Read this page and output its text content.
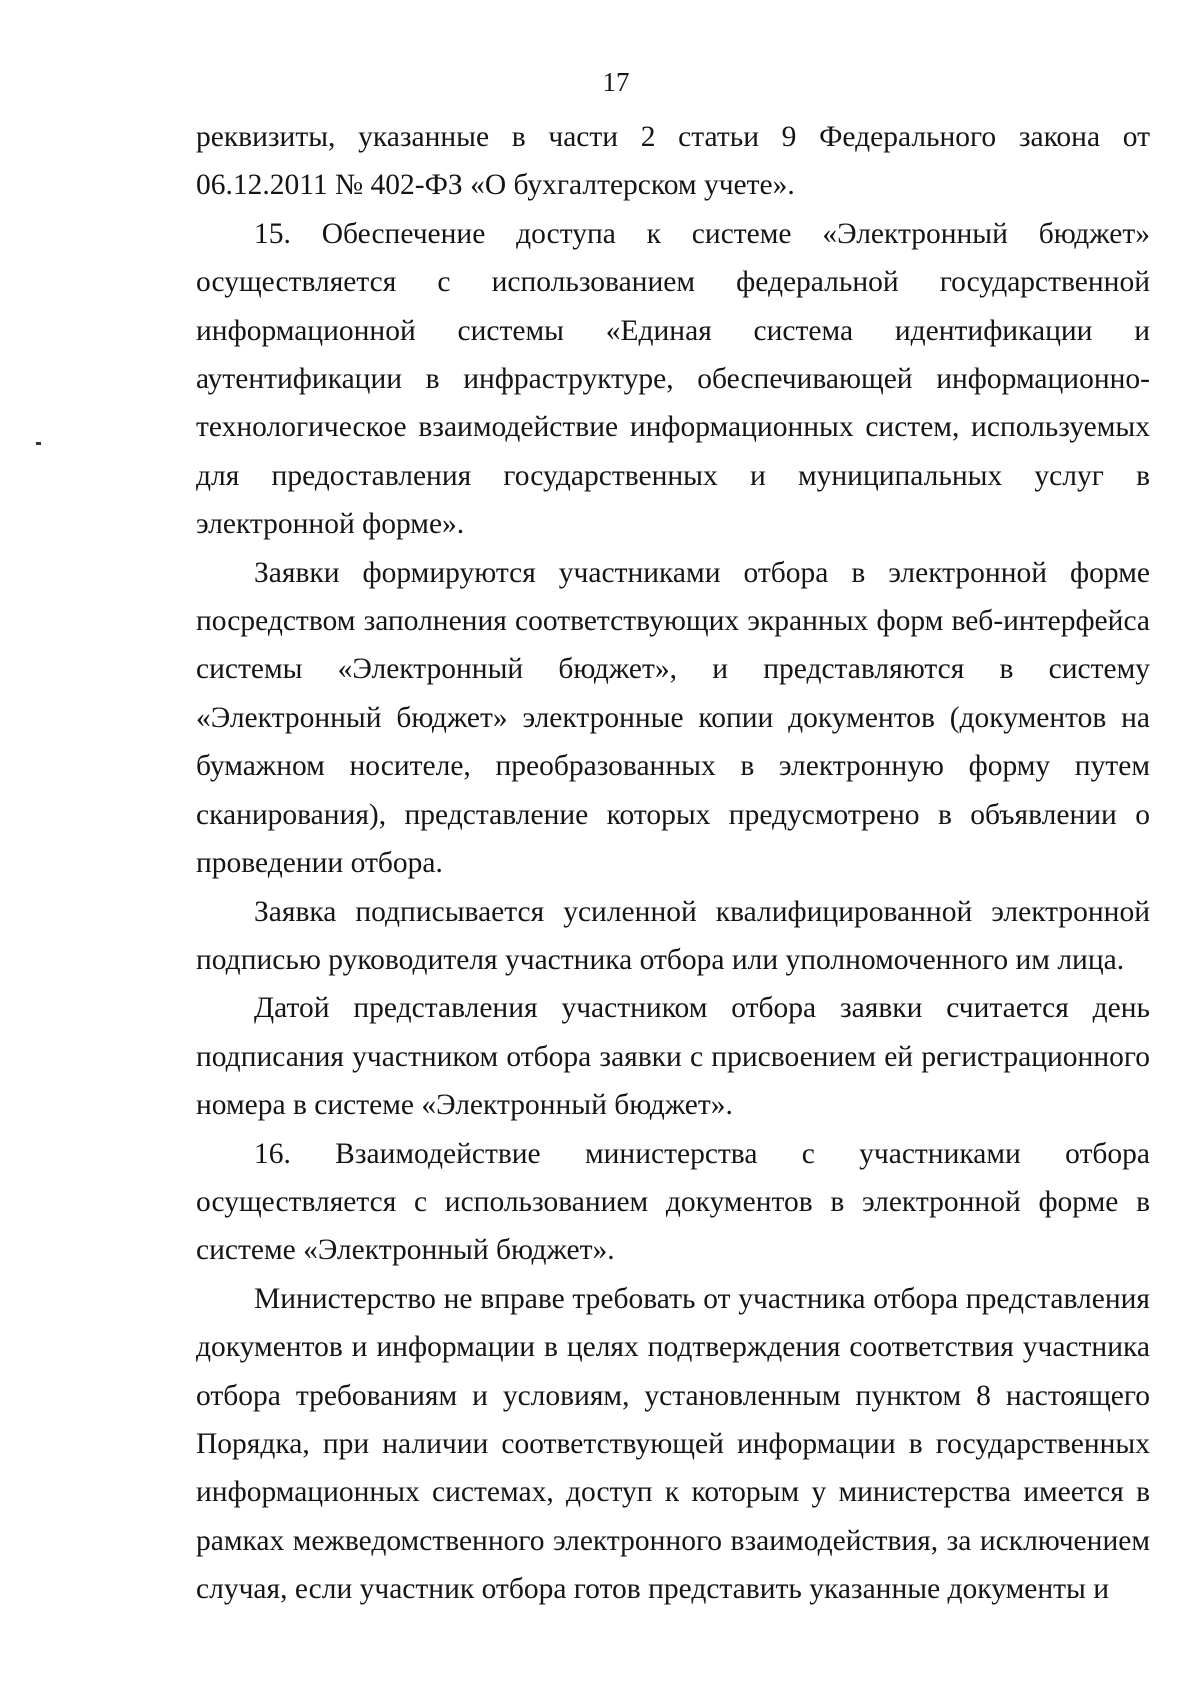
17

реквизиты, указанные в части 2 статьи 9 Федерального закона от 06.12.2011 № 402-ФЗ «О бухгалтерском учете».

15. Обеспечение доступа к системе «Электронный бюджет» осуществляется с использованием федеральной государственной информационной системы «Единая система идентификации и аутентификации в инфраструктуре, обеспечивающей информационно-технологическое взаимодействие информационных систем, используемых для предоставления государственных и муниципальных услуг в электронной форме».

Заявки формируются участниками отбора в электронной форме посредством заполнения соответствующих экранных форм веб-интерфейса системы «Электронный бюджет», и представляются в систему «Электронный бюджет» электронные копии документов (документов на бумажном носителе, преобразованных в электронную форму путем сканирования), представление которых предусмотрено в объявлении о проведении отбора.

Заявка подписывается усиленной квалифицированной электронной подписью руководителя участника отбора или уполномоченного им лица.

Датой представления участником отбора заявки считается день подписания участником отбора заявки с присвоением ей регистрационного номера в системе «Электронный бюджет».

16. Взаимодействие министерства с участниками отбора осуществляется с использованием документов в электронной форме в системе «Электронный бюджет».

Министерство не вправе требовать от участника отбора представления документов и информации в целях подтверждения соответствия участника отбора требованиям и условиям, установленным пунктом 8 настоящего Порядка, при наличии соответствующей информации в государственных информационных системах, доступ к которым у министерства имеется в рамках межведомственного электронного взаимодействия, за исключением случая, если участник отбора готов представить указанные документы и
